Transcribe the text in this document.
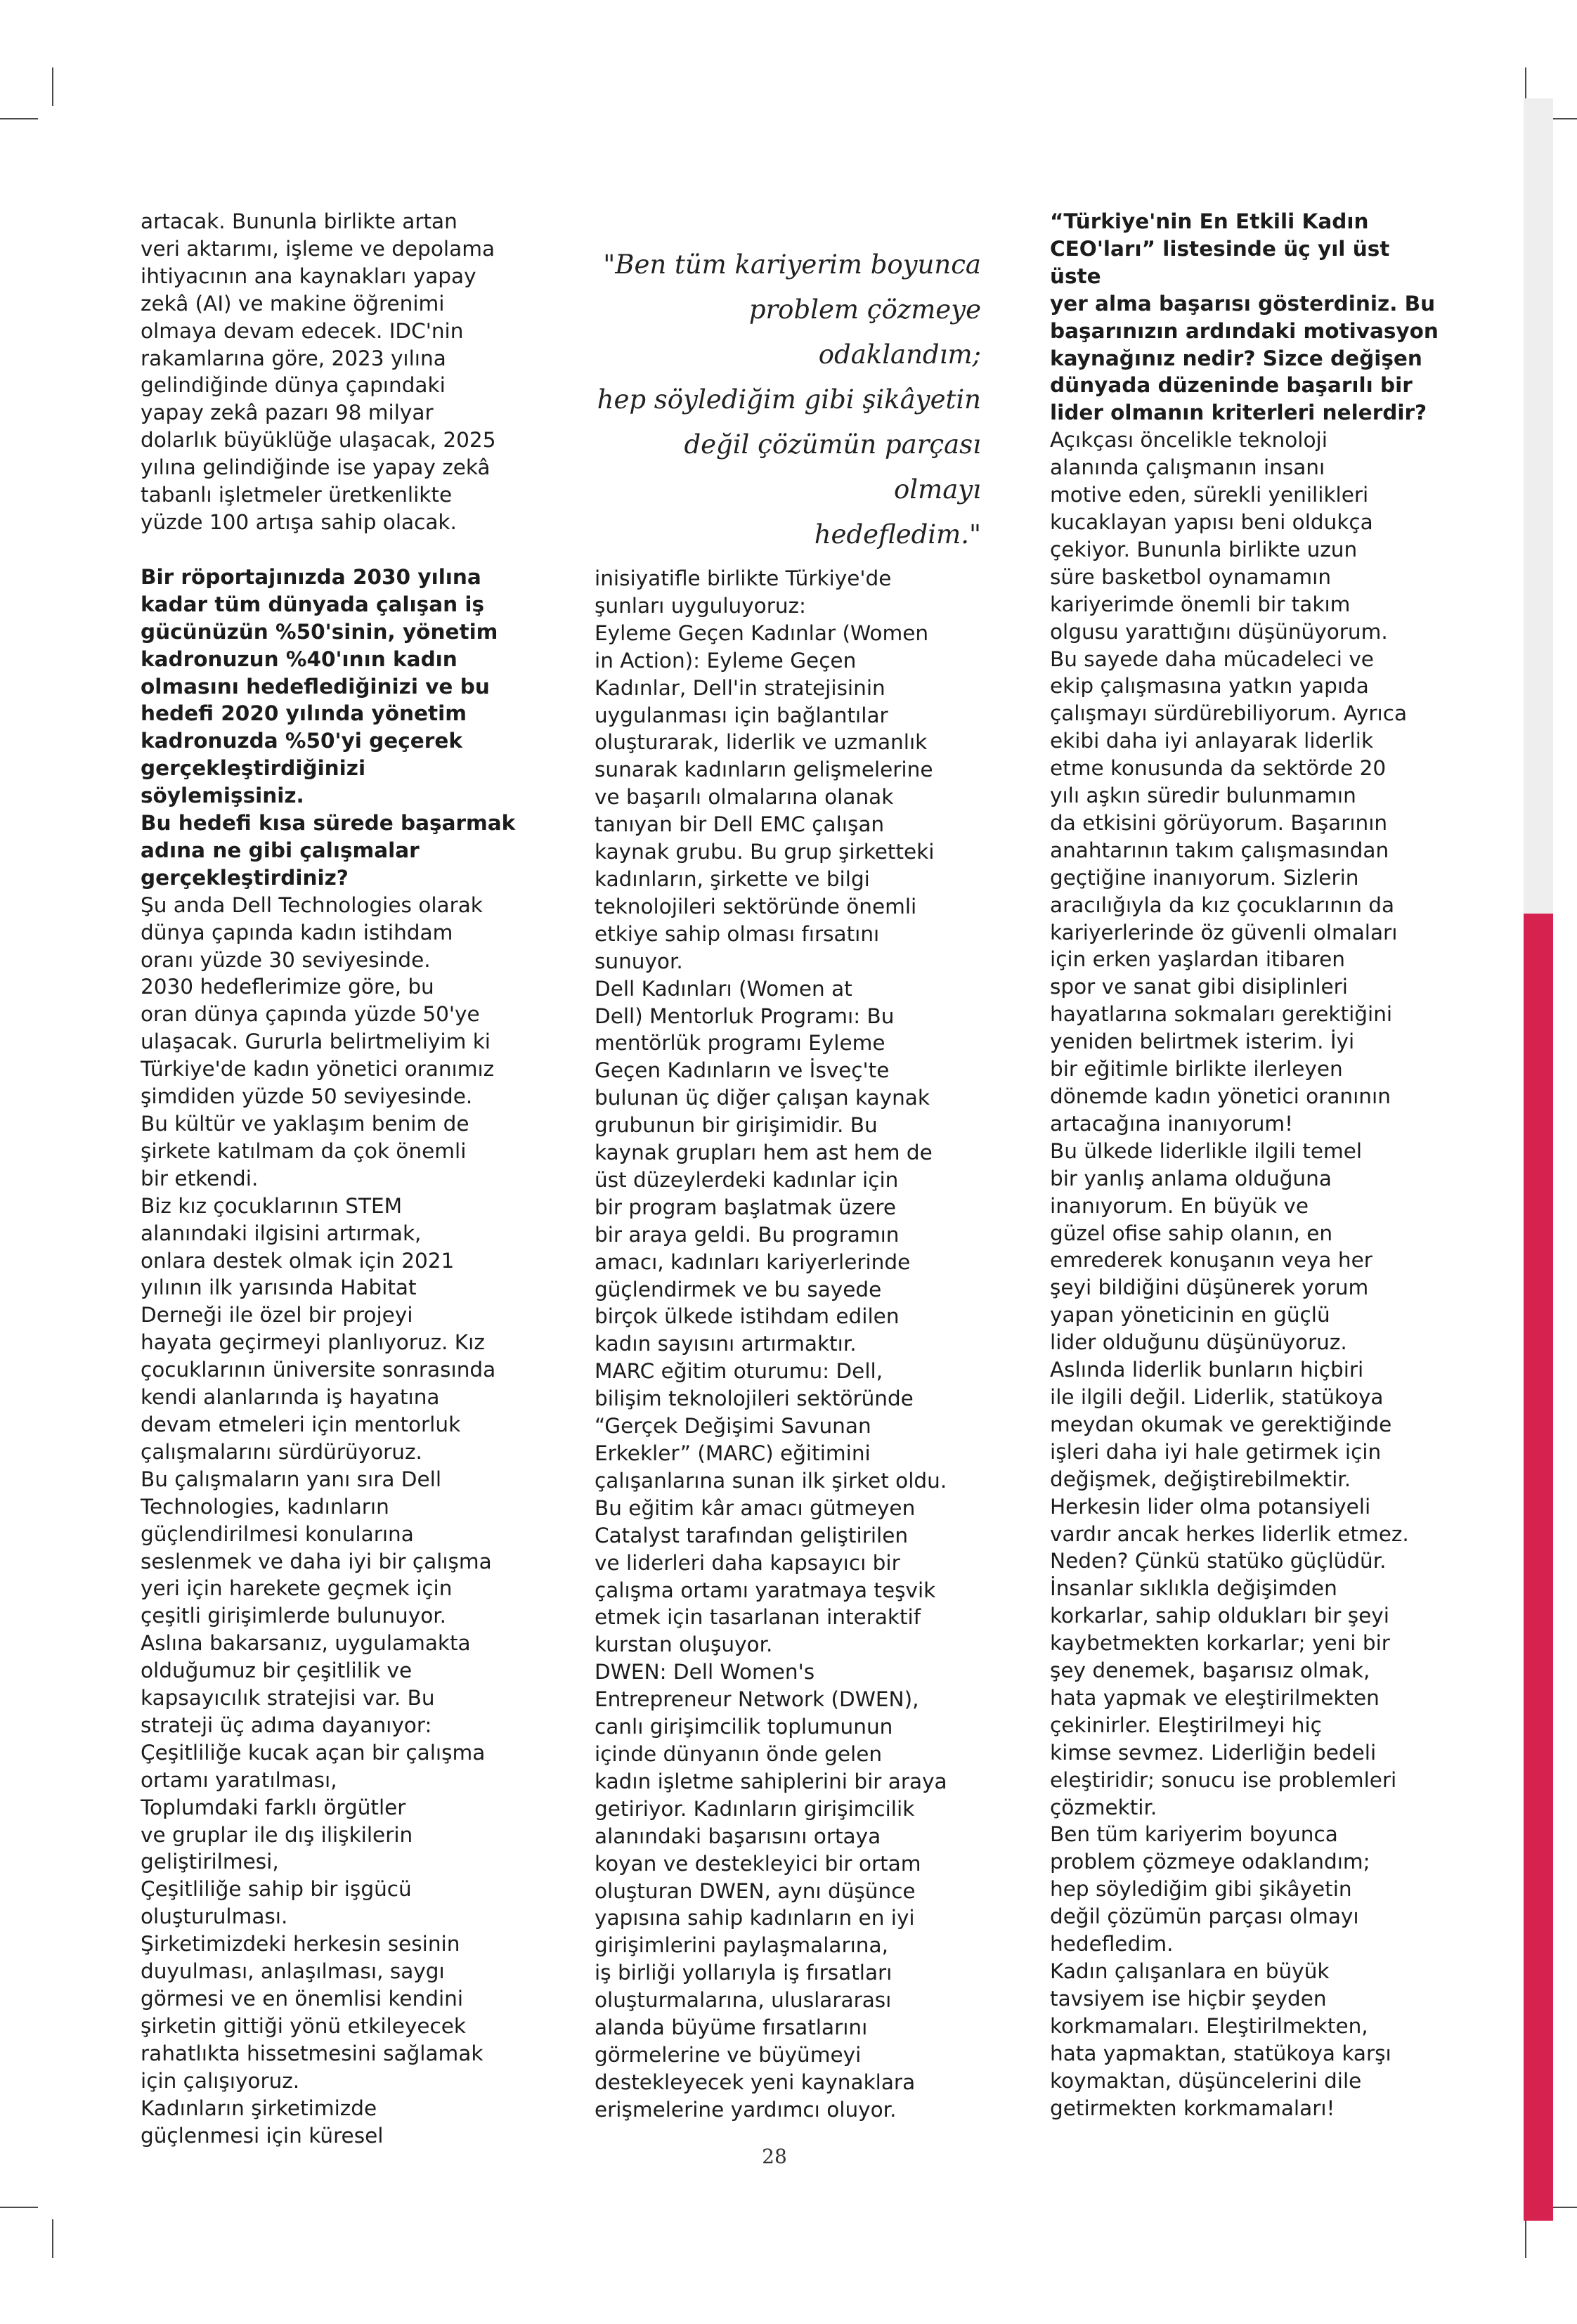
artacak. Bununla birlikte artan
veri aktarımı, işleme ve depolama
ihtiyacının ana kaynakları yapay
zekâ (AI) ve makine öğrenimi
olmaya devam edecek. IDC'nin
rakamlarına göre, 2023 yılına
gelindiğinde dünya çapındaki
yapay zekâ pazarı 98 milyar
dolarlık büyüklüğe ulaşacak, 2025
yılına gelindiğinde ise yapay zekâ
tabanlı işletmeler üretkenlikte
yüzde 100 artışa sahip olacak.

Bir röportajınızda 2030 yılına
kadar tüm dünyada çalışan iş
gücünüzün %50'sinin, yönetim
kadronuzun %40'ının kadın
olmasını hedeflediğinizi ve bu
hedefi 2020 yılında yönetim
kadronuzda %50'yi geçerek
gerçekleştirdiğinizi söylemişsiniz.
Bu hedefi kısa sürede başarmak
adına ne gibi çalışmalar
gerçekleştirdiniz?

Şu anda Dell Technologies olarak
dünya çapında kadın istihdam
oranı yüzde 30 seviyesinde.
2030 hedeflerimize göre, bu
oran dünya çapında yüzde 50'ye
ulaşacak. Gururla belirtmeliyim ki
Türkiye'de kadın yönetici oranımız
şimdiden yüzde 50 seviyesinde.
Bu kültür ve yaklaşım benim de
şirkete katılmam da çok önemli
bir etkendi.

Biz kız çocuklarının STEM
alanındaki ilgisini artırmak,
onlara destek olmak için 2021
yılının ilk yarısında Habitat
Derneği ile özel bir projeyi
hayata geçirmeyi planlıyoruz. Kız
çocuklarının üniversite sonrasında
kendi alanlarında iş hayatına
devam etmeleri için mentorluk
çalışmalarını sürdürüyoruz.

Bu çalışmaların yanı sıra Dell
Technologies, kadınların
güçlendirilmesi konularına
seslenmek ve daha iyi bir çalışma
yeri için harekete geçmek için
çeşitli girişimlerde bulunuyor.
Aslına bakarsanız, uygulamakta
olduğumuz bir çeşitlilik ve
kapsayıcılık stratejisi var. Bu
strateji üç adıma dayanıyor:

Çeşitliliğe kucak açan bir çalışma
ortamı yaratılması,

Toplumdaki farklı örgütler
ve gruplar ile dış ilişkilerin
geliştirilmesi,

Çeşitliliğe sahip bir işgücü
oluşturulması.

Şirketimizdeki herkesin sesinin
duyulması, anlaşılması, saygı
görmesi ve en önemlisi kendini
şirketin gittiği yönü etkileyecek
rahatlıkta hissetmesini sağlamak
için çalışıyoruz.

Kadınların şirketimizde
güçlenmesi için küresel

"Ben tüm kariyerim boyunca
problem çözmeye odaklandım;
hep söylediğim gibi şikâyetin
değil çözümün parçası olmayı
hedefledim."

inisiyatifle birlikte Türkiye'de
şunları uyguluyoruz:

Eyleme Geçen Kadınlar (Women
in Action): Eyleme Geçen
Kadınlar, Dell'in stratejisinin
uygulanması için bağlantılar
oluşturarak, liderlik ve uzmanlık
sunarak kadınların gelişmelerine
ve başarılı olmalarına olanak
tanıyan bir Dell EMC çalışan
kaynak grubu. Bu grup şirketteki
kadınların, şirkette ve bilgi
teknolojileri sektöründe önemli
etkiye sahip olması fırsatını
sunuyor.

Dell Kadınları (Women at
Dell) Mentorluk Programı: Bu
mentörlük programı Eyleme
Geçen Kadınların ve İsveç'te
bulunan üç diğer çalışan kaynak
grubunun bir girişimidir. Bu
kaynak grupları hem ast hem de
üst düzeylerdeki kadınlar için
bir program başlatmak üzere
bir araya geldi. Bu programın
amacı, kadınları kariyerlerinde
güçlendirmek ve bu sayede
birçok ülkede istihdam edilen
kadın sayısını artırmaktır.

MARC eğitim oturumu: Dell,
bilişim teknolojileri sektöründe
“Gerçek Değişimi Savunan
Erkekler” (MARC) eğitimini
çalışanlarına sunan ilk şirket oldu.
Bu eğitim kâr amacı gütmeyen
Catalyst tarafından geliştirilen
ve liderleri daha kapsayıcı bir
çalışma ortamı yaratmaya teşvik
etmek için tasarlanan interaktif
kurstan oluşuyor.

DWEN: Dell Women's
Entrepreneur Network (DWEN),
canlı girişimcilik toplumunun
içinde dünyanın önde gelen
kadın işletme sahiplerini bir araya
getiriyor. Kadınların girişimcilik
alanındaki başarısını ortaya
koyan ve destekleyici bir ortam
oluşturan DWEN, aynı düşünce
yapısına sahip kadınların en iyi
girişimlerini paylaşmalarına,
iş birliği yollarıyla iş fırsatları
oluşturmalarına, uluslararası
alanda büyüme fırsatlarını
görmelerine ve büyümeyi
destekleyecek yeni kaynaklara
erişmelerine yardımcı oluyor.

“Türkiye'nin En Etkili Kadın
CEO'ları” listesinde üç yıl üst üste
yer alma başarısı gösterdiniz. Bu
başarınızın ardındaki motivasyon
kaynağınız nedir? Sizce değişen
dünyada düzeninde başarılı bir
lider olmanın kriterleri nelerdir?

Açıkçası öncelikle teknoloji
alanında çalışmanın insanı
motive eden, sürekli yenilikleri
kucaklayan yapısı beni oldukça
çekiyor. Bununla birlikte uzun
süre basketbol oynamamın
kariyerimde önemli bir takım
olgusu yarattığını düşünüyorum.
Bu sayede daha mücadeleci ve
ekip çalışmasına yatkın yapıda
çalışmayı sürdürebiliyorum. Ayrıca
ekibi daha iyi anlayarak liderlik
etme konusunda da sektörde 20
yılı aşkın süredir bulunmamın
da etkisini görüyorum. Başarının
anahtarının takım çalışmasından
geçtiğine inanıyorum. Sizlerin
aracılığıyla da kız çocuklarının da
kariyerlerinde öz güvenli olmaları
için erken yaşlardan itibaren
spor ve sanat gibi disiplinleri
hayatlarına sokmaları gerektiğini
yeniden belirtmek isterim. İyi
bir eğitimle birlikte ilerleyen
dönemde kadın yönetici oranının
artacağına inanıyorum!

Bu ülkede liderlikle ilgili temel
bir yanlış anlama olduğuna
inanıyorum. En büyük ve
güzel ofise sahip olanın, en
emrederek konuşanın veya her
şeyi bildiğini düşünerek yorum
yapan yöneticinin en güçlü
lider olduğunu düşünüyoruz.
Aslında liderlik bunların hiçbiri
ile ilgili değil. Liderlik, statükoya
meydan okumak ve gerektiğinde
işleri daha iyi hale getirmek için
değişmek, değiştirebilmektir.
Herkesin lider olma potansiyeli
vardır ancak herkes liderlik etmez.
Neden? Çünkü statüko güçlüdür.
İnsanlar sıklıkla değişimden
korkarlar, sahip oldukları bir şeyi
kaybetmekten korkarlar; yeni bir
şey denemek, başarısız olmak,
hata yapmak ve eleştirilmekten
çekinirler. Eleştirilmeyi hiç
kimse sevmez. Liderliğin bedeli
eleştiridir; sonucu ise problemleri
çözmektir.

Ben tüm kariyerim boyunca
problem çözmeye odaklandım;
hep söylediğim gibi şikâyetin
değil çözümün parçası olmayı
hedefledim.

Kadın çalışanlara en büyük
tavsiyem ise hiçbir şeyden
korkmamaları. Eleştirilmekten,
hata yapmaktan, statükoya karşı
koymaktan, düşüncelerini dile
getirmekten korkmamaları!

28
